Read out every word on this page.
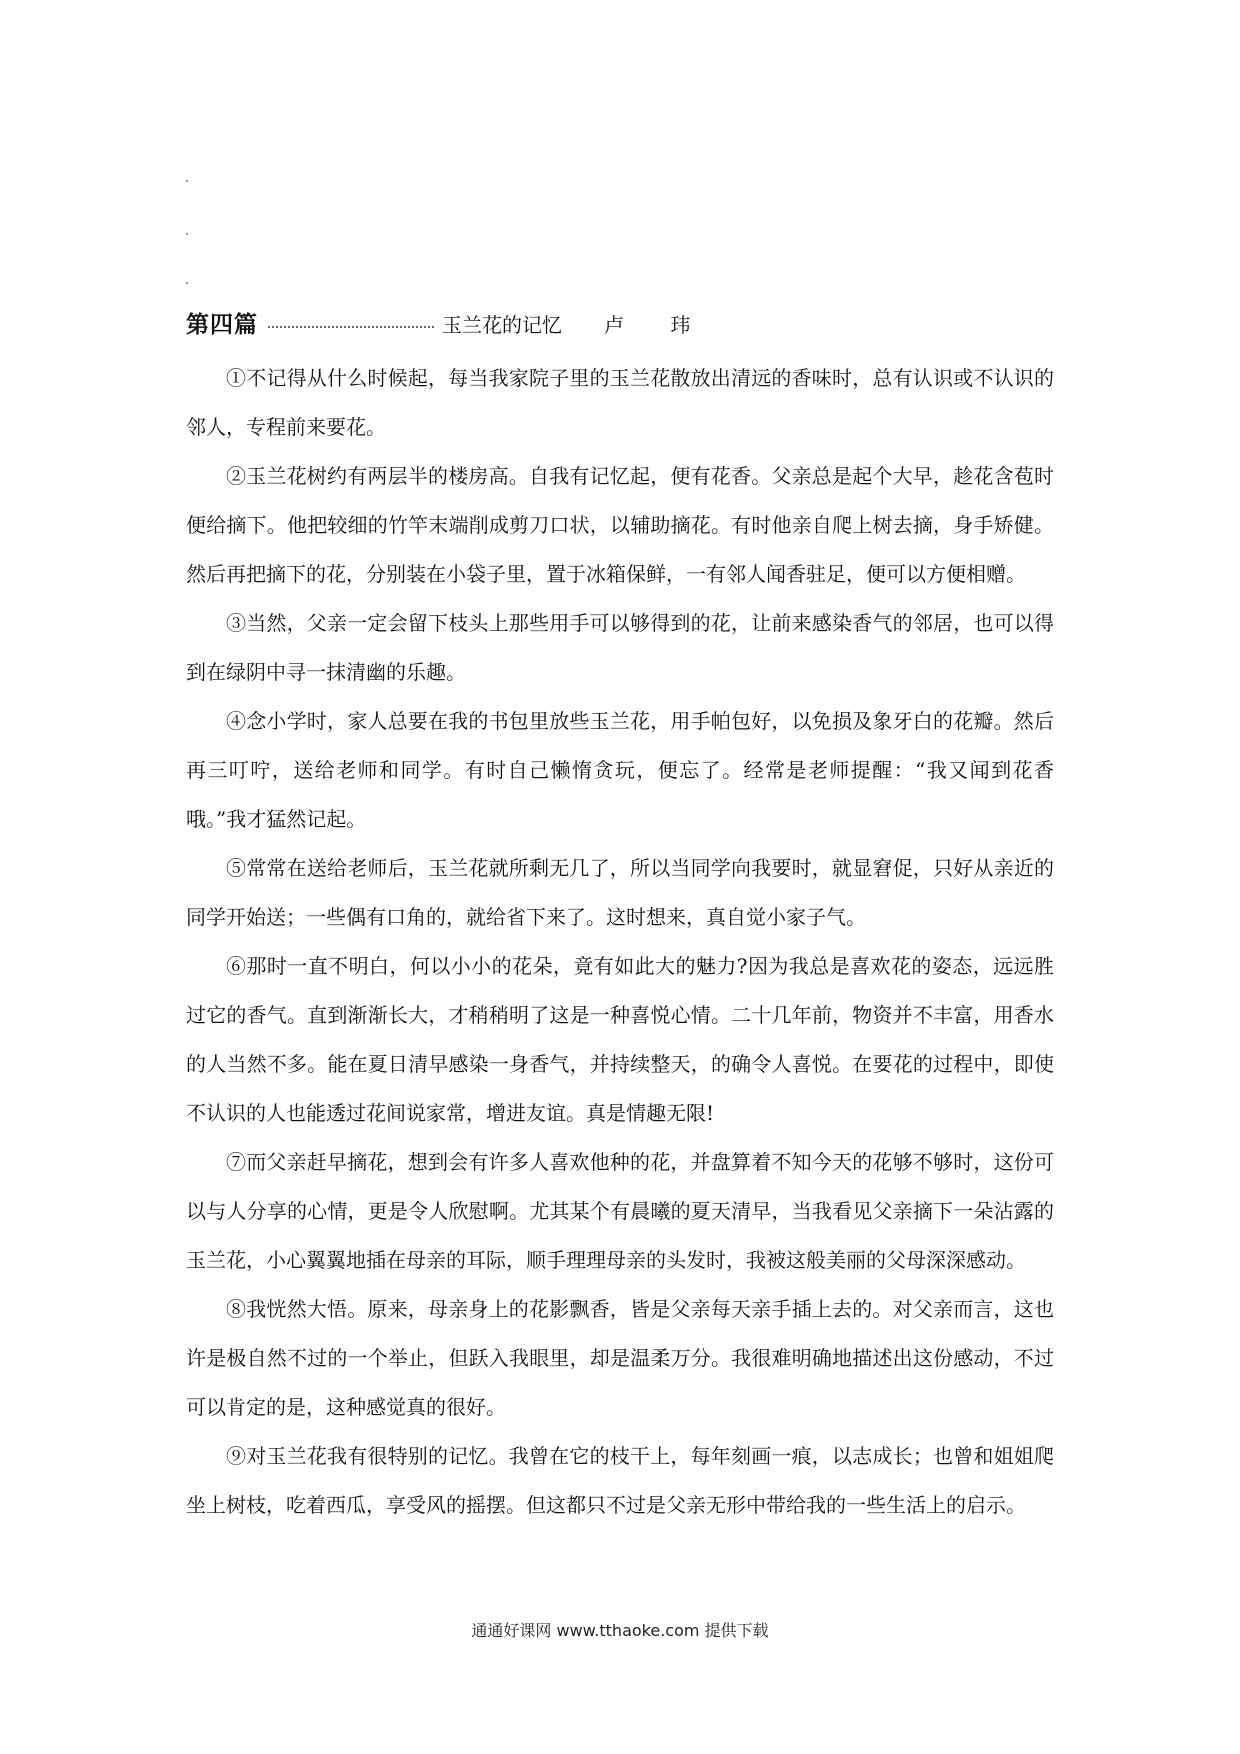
第四篇	玉兰花的记忆 卢 玮

①不记得从什么时候起，每当我家院子里的玉兰花散放出清远的香味时，总有认识或不认识的邻人，专程前来要花。

②玉兰花树约有两层半的楼房高。自我有记忆起，便有花香。父亲总是起个大早，趁花含苞时便给摘下。他把较细的竹竿末端削成剪刀口状，以辅助摘花。有时他亲自爬上树去摘，身手矫健。然后再把摘下的花，分别装在小袋子里，置于冰箱保鲜，一有邻人闻香驻足，便可以方便相赠。

③当然，父亲一定会留下枝头上那些用手可以够得到的花，让前来感染香气的邻居，也可以得到在绿阴中寻一抹清幽的乐趣。

④念小学时，家人总要在我的书包里放些玉兰花，用手帕包好，以免损及象牙白的花瓣。然后再三叮咛，送给老师和同学。有时自己懒惰贪玩，便忘了。经常是老师提醒：“我又闻到花香哦。”我才猛然记起。

⑤常常在送给老师后，玉兰花就所剩无几了，所以当同学向我要时，就显窘促，只好从亲近的同学开始送；一些偶有口角的，就给省下来了。这时想来，真自觉小家子气。

⑥那时一直不明白，何以小小的花朵，竟有如此大的魅力?因为我总是喜欢花的姿态，远远胜过它的香气。直到渐渐长大，才稍稍明了这是一种喜悦心情。二十几年前，物资并不丰富，用香水的人当然不多。能在夏日清早感染一身香气，并持续整天，的确令人喜悦。在要花的过程中，即使不认识的人也能透过花间说家常，增进友谊。真是情趣无限!

⑦而父亲赶早摘花，想到会有许多人喜欢他种的花，并盘算着不知今天的花够不够时，这份可以与人分享的心情，更是令人欣慰啊。尤其某个有晨曦的夏天清早，当我看见父亲摘下一朵沾露的玉兰花，小心翼翼地插在母亲的耳际，顺手理理母亲的头发时，我被这般美丽的父母深深感动。

⑧我恍然大悟。原来，母亲身上的花影飘香，皆是父亲每天亲手插上去的。对父亲而言，这也许是极自然不过的一个举止，但跃入我眼里，却是温柔万分。我很难明确地描述出这份感动，不过可以肯定的是，这种感觉真的很好。

⑨对玉兰花我有很特别的记忆。我曾在它的枝干上，每年刻画一痕，以志成长；也曾和姐姐爬坐上树枝，吃着西瓜，享受风的摇摆。但这都只不过是父亲无形中带给我的一些生活上的启示。

通通好课网 www.tthaoke.com 提供下载
